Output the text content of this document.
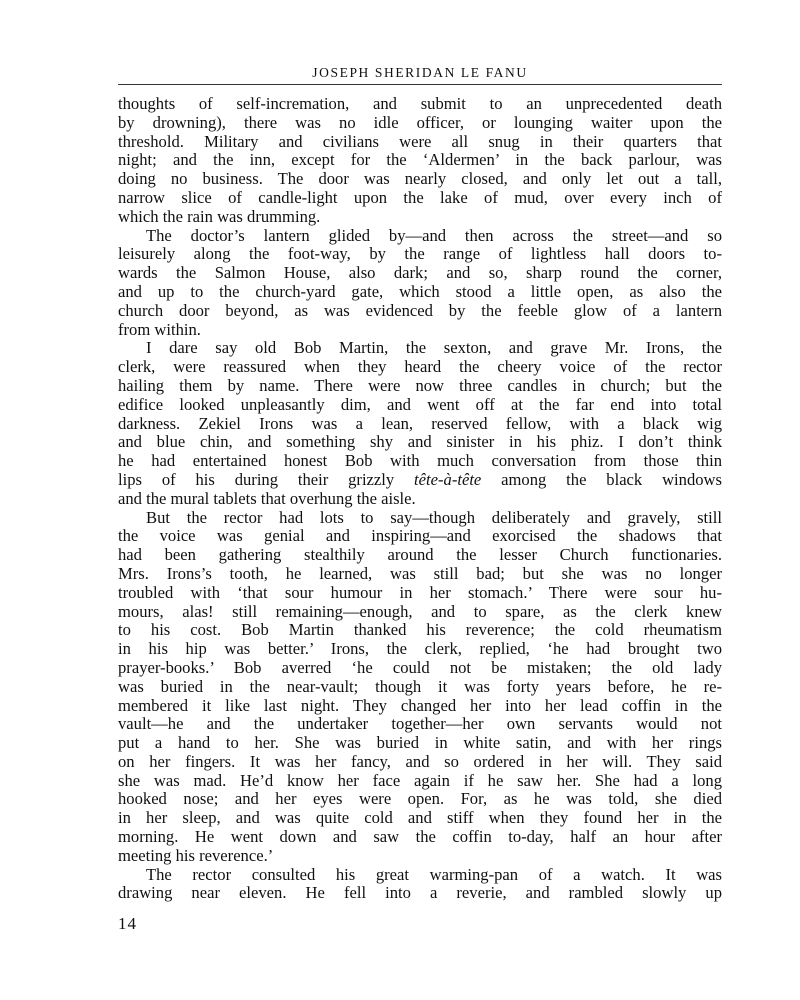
JOSEPH SHERIDAN LE FANU
thoughts of self-incremation, and submit to an unprecedented death
by drowning), there was no idle officer, or lounging waiter upon the
threshold. Military and civilians were all snug in their quarters that
night; and the inn, except for the ‘Aldermen’ in the back parlour, was
doing no business. The door was nearly closed, and only let out a tall,
narrow slice of candle-light upon the lake of mud, over every inch of
which the rain was drumming.
The doctor’s lantern glided by—and then across the street—and so
leisurely along the foot-way, by the range of lightless hall doors to-
wards the Salmon House, also dark; and so, sharp round the corner,
and up to the church-yard gate, which stood a little open, as also the
church door beyond, as was evidenced by the feeble glow of a lantern
from within.
I dare say old Bob Martin, the sexton, and grave Mr. Irons, the
clerk, were reassured when they heard the cheery voice of the rector
hailing them by name. There were now three candles in church; but the
edifice looked unpleasantly dim, and went off at the far end into total
darkness. Zekiel Irons was a lean, reserved fellow, with a black wig
and blue chin, and something shy and sinister in his phiz. I don’t think
he had entertained honest Bob with much conversation from those thin
lips of his during their grizzly tête-à-tête among the black windows
and the mural tablets that overhung the aisle.
But the rector had lots to say—though deliberately and gravely, still
the voice was genial and inspiring—and exorcised the shadows that
had been gathering stealthily around the lesser Church functionaries.
Mrs. Irons’s tooth, he learned, was still bad; but she was no longer
troubled with ‘that sour humour in her stomach.’ There were sour hu-
mours, alas! still remaining—enough, and to spare, as the clerk knew
to his cost. Bob Martin thanked his reverence; the cold rheumatism
in his hip was better.’ Irons, the clerk, replied, ‘he had brought two
prayer-books.’ Bob averred ‘he could not be mistaken; the old lady
was buried in the near-vault; though it was forty years before, he re-
membered it like last night. They changed her into her lead coffin in the
vault—he and the undertaker together—her own servants would not
put a hand to her. She was buried in white satin, and with her rings
on her fingers. It was her fancy, and so ordered in her will. They said
she was mad. He’d know her face again if he saw her. She had a long
hooked nose; and her eyes were open. For, as he was told, she died
in her sleep, and was quite cold and stiff when they found her in the
morning. He went down and saw the coffin to-day, half an hour after
meeting his reverence.’
The rector consulted his great warming-pan of a watch. It was
drawing near eleven. He fell into a reverie, and rambled slowly up
14
